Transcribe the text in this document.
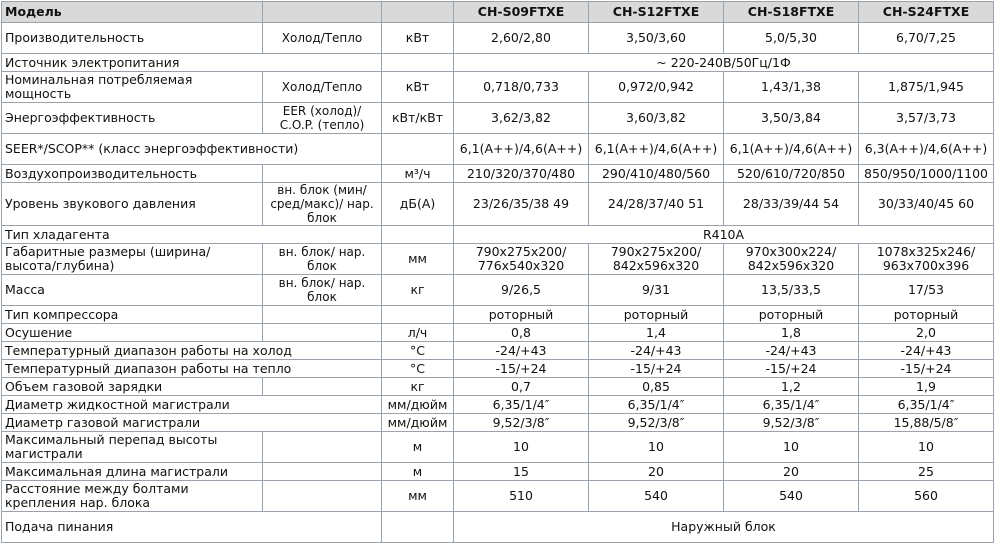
Модель			CH-S09FTXE	CH-S12FTXE	CH-S18FTXE	CH-S24FTXE
Производительность	Холод/Тепло	кВт	2,60/2,80	3,50/3,60	5,0/5,30	6,70/7,25
Источник электропитания			~ 220-240В/50Гц/1Ф			
Номинальная потребляемая мощность	Холод/Тепло	кВт	0,718/0,733	0,972/0,942	1,43/1,38	1,875/1,945
Энергоэффективность	EER (холод)/ C.O.P. (тепло)	кВт/кВт	3,62/3,82	3,60/3,82	3,50/3,84	3,57/3,73
SEER*/SCOP** (класс энергоэффективности)			6,1(А++)/4,6(А++)	6,1(А++)/4,6(А++)	6,1(А++)/4,6(А++)	6,3(А++)/4,6(А++)
Воздухопроизводительность		м³/ч	210/320/370/480	290/410/480/560	520/610/720/850	850/950/1000/1100
Уровень звукового давления	вн. блок (мин/сред/макс)/ нар. блок	дБ(А)	23/26/35/38 49	24/28/37/40 51	28/33/39/44 54	30/33/40/45 60
Тип хладагента			R410A			
Габаритные размеры (ширина/высота/глубина)	вн. блок/ нар. блок	мм	790x275x200/ 776x540x320	790x275x200/ 842x596x320	970x300x224/ 842x596x320	1078x325x246/ 963x700x396
Масса	вн. блок/ нар. блок	кг	9/26,5	9/31	13,5/33,5	17/53
Тип компрессора			роторный	роторный	роторный	роторный
Осушение		л/ч	0,8	1,4	1,8	2,0
Температурный диапазон работы на холод		°С	-24/+43	-24/+43	-24/+43	-24/+43
Температурный диапазон работы на тепло		°С	-15/+24	-15/+24	-15/+24	-15/+24
Объем газовой зарядки		кг	0,7	0,85	1,2	1,9
Диаметр жидкостной магистрали		мм/дюйм	6,35/1/4″	6,35/1/4″	6,35/1/4″	6,35/1/4″
Диаметр газовой магистрали		мм/дюйм	9,52/3/8″	9,52/3/8″	9,52/3/8″	15,88/5/8″
Максимальный перепад высоты магистрали		м	10	10	10	10
Максимальная длина магистрали		м	15	20	20	25
Расстояние между болтами крепления нар. блока		мм	510	540	540	560
Подача пинания			Наружный блок			
